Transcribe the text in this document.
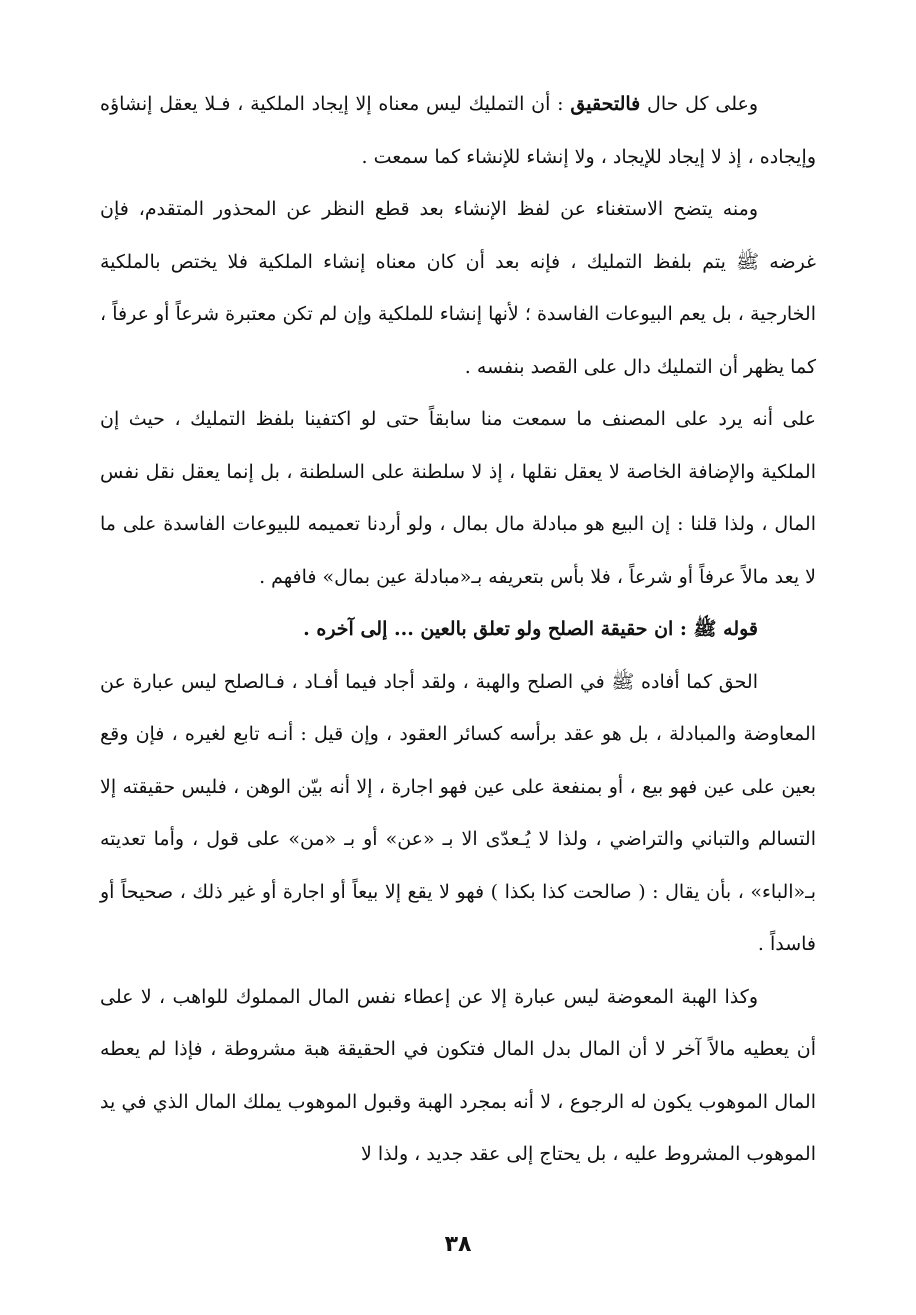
وعلى كل حال فالتحقيق : أن التمليك ليس معناه إلا إيجاد الملكية ، فـلا يعقل إنشاؤه وإيجاده ، إذ لا إيجاد للإيجاد ، ولا إنشاء للإنشاء كما سمعت .

ومنه يتضح الاستغناء عن لفظ الإنشاء بعد قطع النظر عن المحذور المتقدم، فإن غرضه ﷺ يتم بلفظ التمليك ، فإنه بعد أن كان معناه إنشاء الملكية فلا يختص بالملكية الخارجية ، بل يعم البيوعات الفاسدة ؛ لأنها إنشاء للملكية وإن لم تكن معتبرة شرعاً أو عرفاً ، كما يظهر أن التمليك دال على القصد بنفسه .

على أنه يرد على المصنف ما سمعت منا سابقاً حتى لو اكتفينا بلفظ التمليك ، حيث إن الملكية والإضافة الخاصة لا يعقل نقلها ، إذ لا سلطنة على السلطنة ، بل إنما يعقل نقل نفس المال ، ولذا قلنا : إن البيع هو مبادلة مال بمال ، ولو أردنا تعميمه للبيوعات الفاسدة على ما لا يعد مالاً عرفاً أو شرعاً ، فلا بأس بتعريفه بـ«مبادلة عين بمال» فافهم .

قوله ﷺ : ان حقيقة الصلح ولو تعلق بالعين ... إلى آخره .

الحق كما أفاده ﷺ في الصلح والهبة ، ولقد أجاد فيما أفـاد ، فـالصلح ليس عبارة عن المعاوضة والمبادلة ، بل هو عقد برأسه كسائر العقود ، وإن قيل : أنـه تابع لغيره ، فإن وقع بعين على عين فهو بيع ، أو بمنفعة على عين فهو اجارة ، إلا أنه بيّن الوهن ، فليس حقيقته إلا التسالم والتباني والتراضي ، ولذا لا يُـعدّى الا بـ «عن» أو بـ «من» على قول ، وأما تعديته بـ«الباء» ، بأن يقال : ( صالحت كذا بكذا ) فهو لا يقع إلا بيعاً أو اجارة أو غير ذلك ، صحيحاً أو فاسداً .

وكذا الهبة المعوضة ليس عبارة إلا عن إعطاء نفس المال المملوك للواهب ، لا على أن يعطيه مالاً آخر لا أن المال بدل المال فتكون في الحقيقة هبة مشروطة ، فإذا لم يعطه المال الموهوب يكون له الرجوع ، لا أنه بمجرد الهبة وقبول الموهوب يملك المال الذي في يد الموهوب المشروط عليه ، بل يحتاج إلى عقد جديد ، ولذا لا

٣٨
